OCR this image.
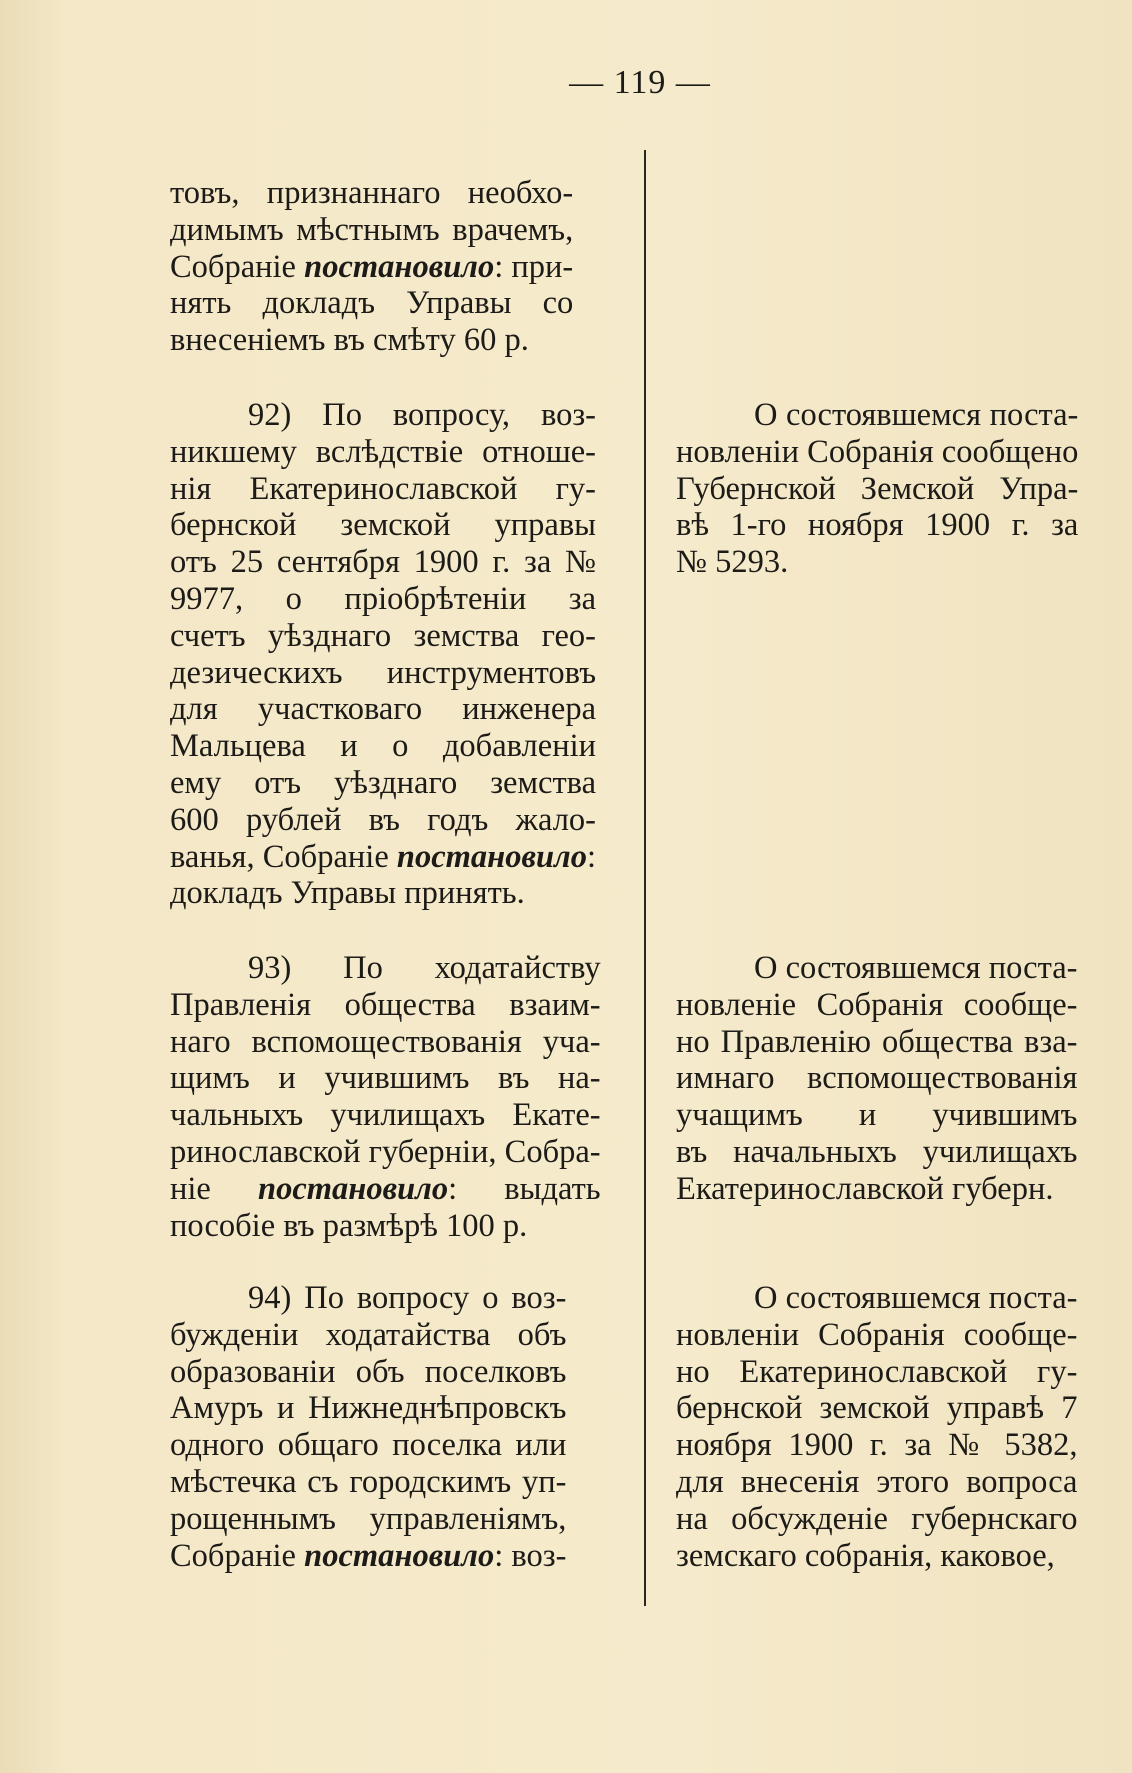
— 119 —
товъ, признаннаго необхо-
димымъ мѣстнымъ врачемъ,
Собраніе постановило: при-
нять докладъ Управы со
внесеніемъ въ смѣту 60 р.
92) По вопросу, воз-
никшему вслѣдствіе отноше-
нія Екатеринославской гу-
бернской земской управы
отъ 25 сентября 1900 г. за №
9977, о пріобрѣтеніи за
счетъ уѣзднаго земства гео-
дезическихъ инструментовъ
для участковаго инженера
Мальцева и о добавленіи
ему отъ уѣзднаго земства
600 рублей въ годъ жало-
ванья, Собраніе постановило:
докладъ Управы принять.
93) По ходатайству
Правленія общества взаим-
наго вспомоществованія уча-
щимъ и учившимъ въ на-
чальныхъ училищахъ Екате-
ринославской губерніи, Собра-
ніе постановило: выдать
пособіе въ размѣрѣ 100 р.
94) По вопросу о воз-
бужденіи ходатайства объ
образованіи объ поселковъ
Амуръ и Нижнеднѣпровскъ
одного общаго поселка или
мѣстечка съ городскимъ уп-
рощеннымъ управленіямъ,
Собраніе постановило: воз-
О состоявшемся поста-
новленіи Собранія сообщено
Губернской Земской Упра-
вѣ 1-го ноября 1900 г. за
№ 5293.
О состоявшемся поста-
новленіе Собранія сообще-
но Правленію общества вза-
имнаго вспомоществованія
учащимъ и учившимъ
въ начальныхъ училищахъ
Екатеринославской губерн.
О состоявшемся поста-
новленіи Собранія сообще-
но Екатеринославской гу-
бернской земской управѣ 7
ноября 1900 г. за № 5382,
для внесенія этого вопроса
на обсужденіе губернскаго
земскаго собранія, каковое,
